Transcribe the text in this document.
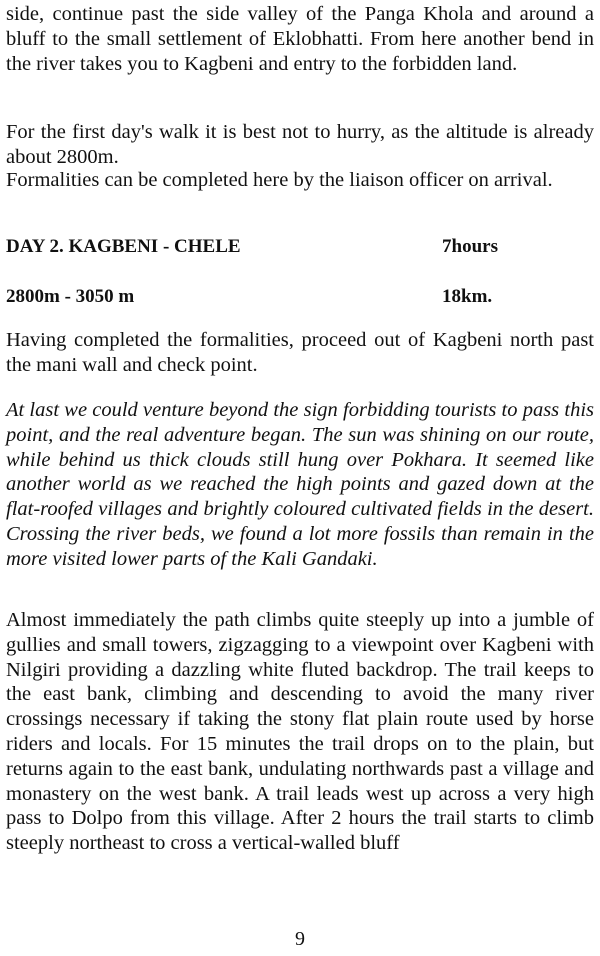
side, continue past the side valley of the Panga Khola and around a bluff to the small settlement of Eklobhatti. From here another bend in the river takes you to Kagbeni and entry to the forbidden land.

For the first day's walk it is best not to hurry, as the altitude is already about 2800m.

Formalities can be completed here by the liaison officer on arrival.

DAY 2. KAGBENI - CHELE	7hours
2800m - 3050 m	18km.

Having completed the formalities, proceed out of Kagbeni north past the mani wall and check point.

At last we could venture beyond the sign forbidding tourists to pass this point, and the real adventure began. The sun was shining on our route, while behind us thick clouds still hung over Pokhara. It seemed like another world as we reached the high points and gazed down at the flat-roofed villages and brightly coloured cultivated fields in the desert. Crossing the river beds, we found a lot more fossils than remain in the more visited lower parts of the Kali Gandaki.

Almost immediately the path climbs quite steeply up into a jumble of gullies and small towers, zigzagging to a viewpoint over Kagbeni with Nilgiri providing a dazzling white fluted backdrop. The trail keeps to the east bank, climbing and descending to avoid the many river crossings necessary if taking the stony flat plain route used by horse riders and locals. For 15 minutes the trail drops on to the plain, but returns again to the east bank, undulating northwards past a village and monastery on the west bank. A trail leads west up across a very high pass to Dolpo from this village. After 2 hours the trail starts to climb steeply northeast to cross a vertical-walled bluff

9
